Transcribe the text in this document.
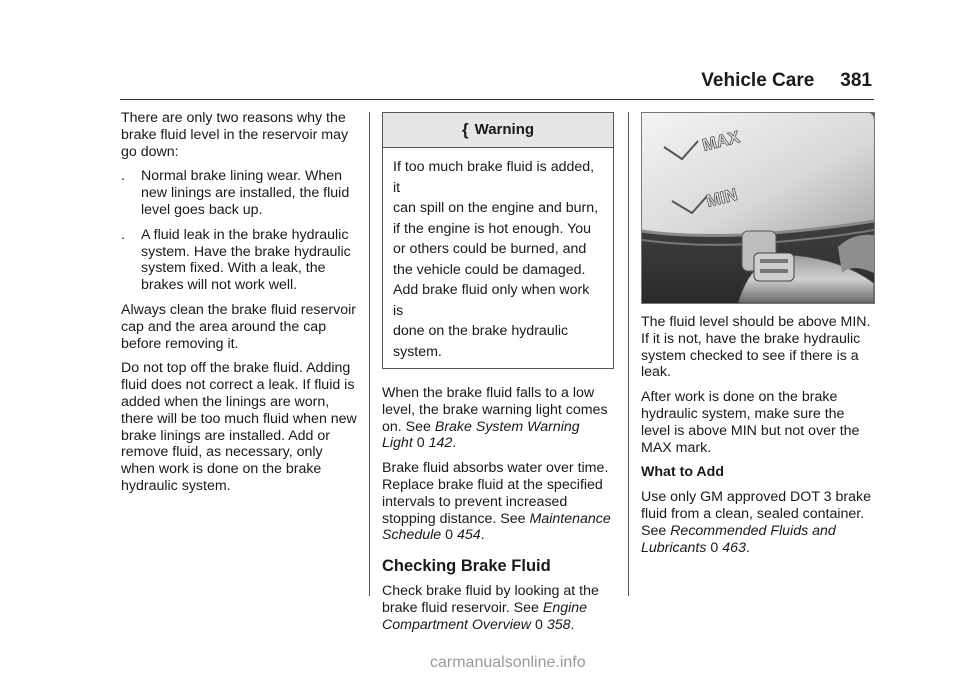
Vehicle Care 381

There are only two reasons why the brake fluid level in the reservoir may go down:

.	Normal brake lining wear. When new linings are installed, the fluid level goes back up.
.	A fluid leak in the brake hydraulic system. Have the brake hydraulic system fixed. With a leak, the brakes will not work well.

Always clean the brake fluid reservoir cap and the area around the cap before removing it.

Do not top off the brake fluid. Adding fluid does not correct a leak. If fluid is added when the linings are worn, there will be too much fluid when new brake linings are installed. Add or remove fluid, as necessary, only when work is done on the brake hydraulic system.

{ Warning
If too much brake fluid is added, it
can spill on the engine and burn,
if the engine is hot enough. You
or others could be burned, and
the vehicle could be damaged.
Add brake fluid only when work is
done on the brake hydraulic
system.

When the brake fluid falls to a low level, the brake warning light comes on. See Brake System Warning Light 0 142.

Brake fluid absorbs water over time. Replace brake fluid at the specified intervals to prevent increased stopping distance. See Maintenance Schedule 0 454.

Checking Brake Fluid

Check brake fluid by looking at the brake fluid reservoir. See Engine Compartment Overview 0 358.

MAX
MIN

The fluid level should be above MIN. If it is not, have the brake hydraulic system checked to see if there is a leak.

After work is done on the brake hydraulic system, make sure the level is above MIN but not over the MAX mark.

What to Add

Use only GM approved DOT 3 brake fluid from a clean, sealed container. See Recommended Fluids and Lubricants 0 463.

carmanualsonline.info
